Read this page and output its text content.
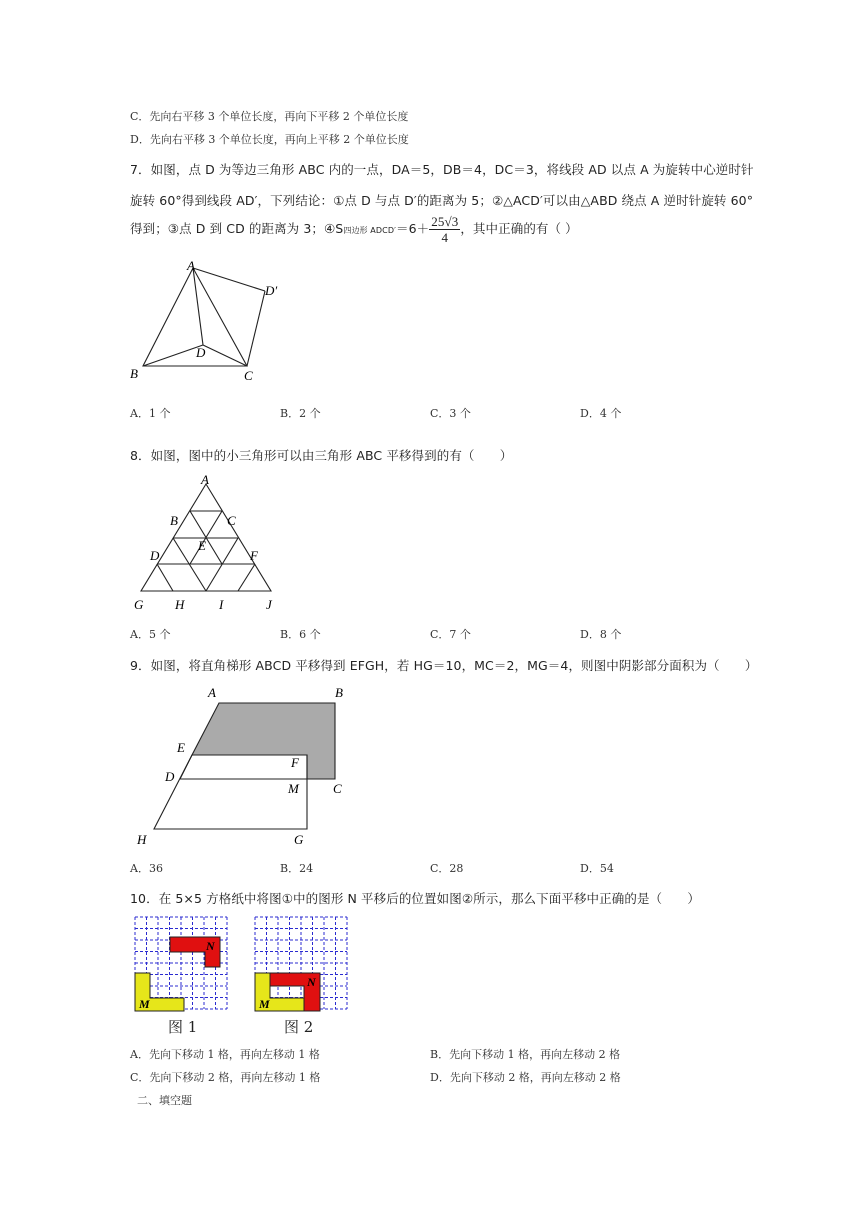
C．先向右平移 3 个单位长度，再向下平移 2 个单位长度
D．先向右平移 3 个单位长度，再向上平移 2 个单位长度
7．如图，点 D 为等边三角形 ABC 内的一点，DA＝5，DB＝4，DC＝3，将线段 AD 以点 A 为旋转中心逆时针
旋转 60°得到线段 AD′，下列结论：①点 D 与点 D′的距离为 5；②△ACD′可以由△ABD 绕点 A 逆时针旋转 60°
得到；③点 D 到 CD 的距离为 3；④S四边形 ADCD′＝6＋ $\frac{25√3}{4}$ ，其中正确的有（ ）
A
B	C
D
D′
A．1 个	B．2 个	C．3 个	D．4 个
8．如图，图中的小三角形可以由三角形 ABC 平移得到的有（　　）
A
B	C
D
E
F
G H	I	J
A．5 个	B．6 个	C．7 个	D．8 个
9．如图，将直角梯形 ABCD 平移得到 EFGH，若 HG＝10，MC＝2，MG＝4，则图中阴影部分面积为（　　）
A	B
C
D
E
F
G
H
M
A．36	B．24	C．28	D．54
10．在 5×5 方格纸中将图①中的图形 N 平移后的位置如图②所示，那么下面平移中正确的是（　　）
N
M
图 1
N
M
图 2
A．先向下移动 1 格，再向左移动 1 格	B．先向下移动 1 格，再向左移动 2 格
C．先向下移动 2 格，再向左移动 1 格	D．先向下移动 2 格，再向左移动 2 格
二、填空题
